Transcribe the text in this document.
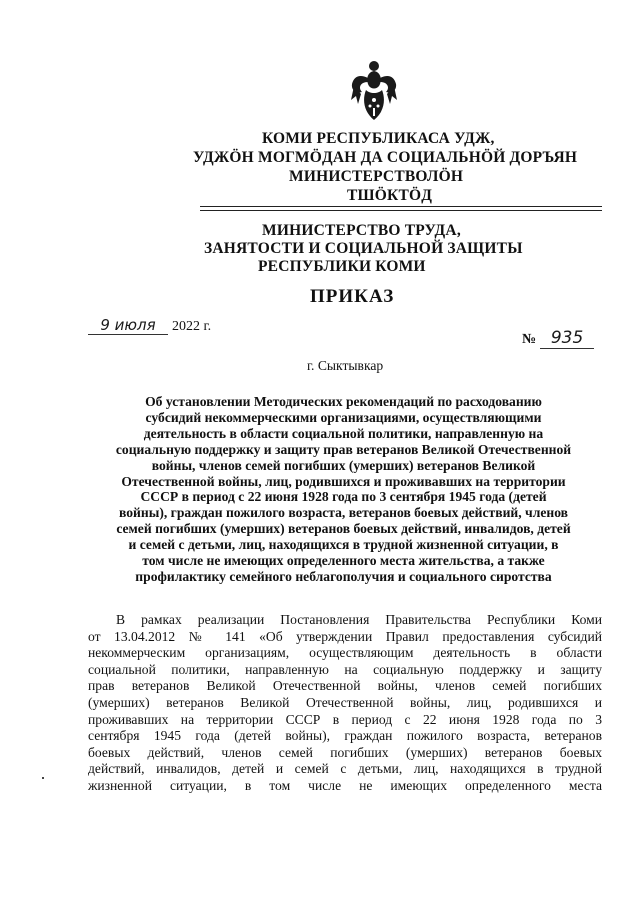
КОМИ РЕСПУБЛИКАСА УДЖ,
УДЖÖН МОГМÖДАН ДА СОЦИАЛЬНÖЙ ДОРЪЯН
МИНИСТЕРСТВОЛÖН
ТШÖКТÖД
МИНИСТЕРСТВО ТРУДА,
ЗАНЯТОСТИ И СОЦИАЛЬНОЙ ЗАЩИТЫ
РЕСПУБЛИКИ КОМИ
ПРИКАЗ
9 июля 2022 г.
№ 935
г. Сыктывкар
Об установлении Методических рекомендаций по расходованию
субсидий некоммерческими организациями, осуществляющими
деятельность в области социальной политики, направленную на
социальную поддержку и защиту прав ветеранов Великой Отечественной
войны, членов семей погибших (умерших) ветеранов Великой
Отечественной войны, лиц, родившихся и проживавших на территории
СССР в период с 22 июня 1928 года по 3 сентября 1945 года (детей
войны), граждан пожилого возраста, ветеранов боевых действий, членов
семей погибших (умерших) ветеранов боевых действий, инвалидов, детей
и семей с детьми, лиц, находящихся в трудной жизненной ситуации, в
том числе не имеющих определенного места жительства, а также
профилактику семейного неблагополучия и социального сиротства
В рамках реализации Постановления Правительства Республики Коми
от 13.04.2012 № 141 «Об утверждении Правил предоставления субсидий
некоммерческим организациям, осуществляющим деятельность в области
социальной политики, направленную на социальную поддержку и защиту
прав ветеранов Великой Отечественной войны, членов семей погибших
(умерших) ветеранов Великой Отечественной войны, лиц, родившихся и
проживавших на территории СССР в период с 22 июня 1928 года по 3
сентября 1945 года (детей войны), граждан пожилого возраста, ветеранов
боевых действий, членов семей погибших (умерших) ветеранов боевых
действий, инвалидов, детей и семей с детьми, лиц, находящихся в трудной
жизненной ситуации, в том числе не имеющих определенного места
